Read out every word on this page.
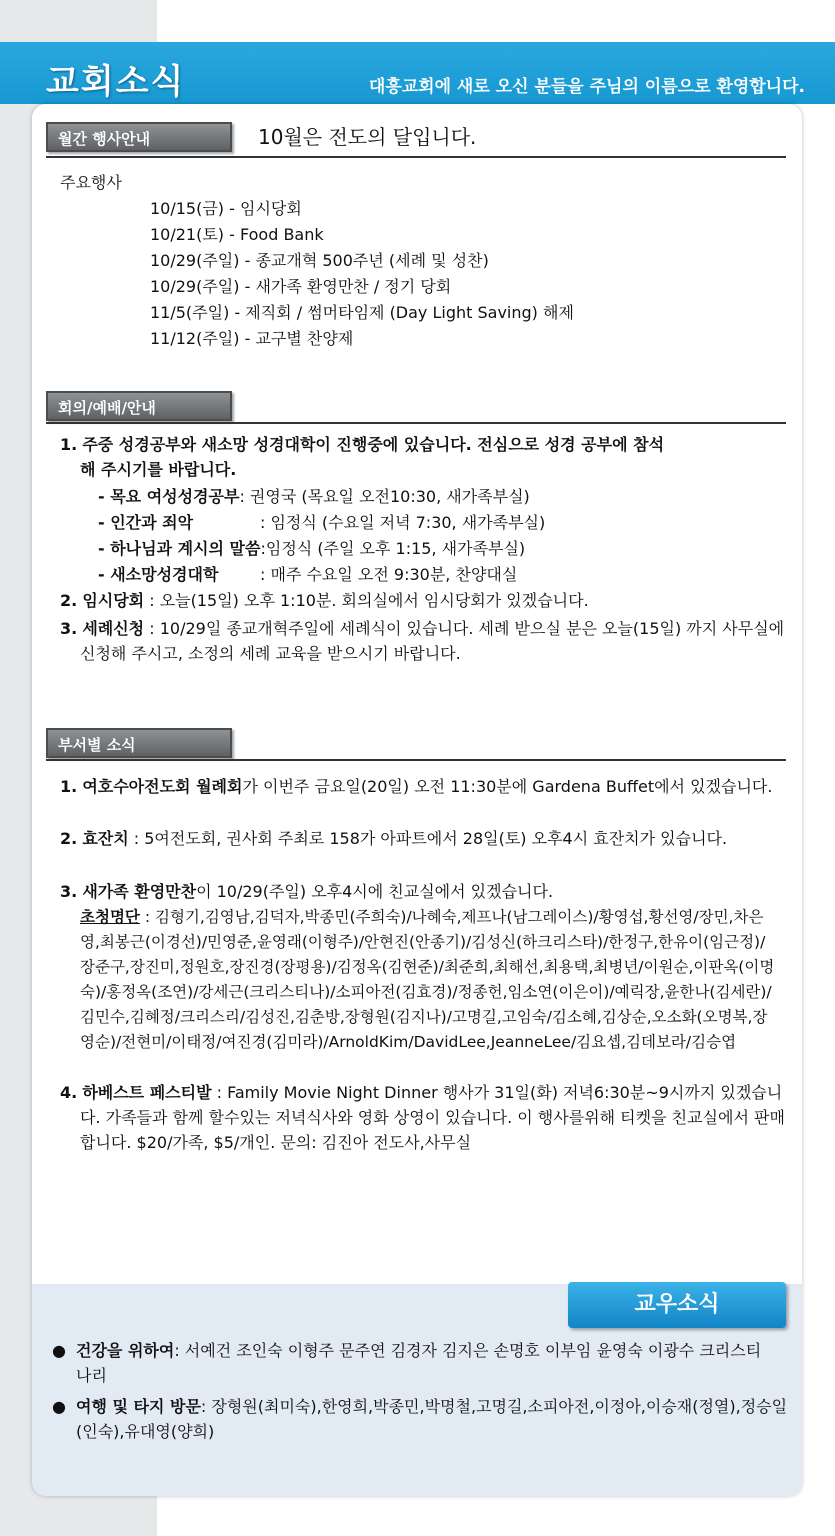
교회소식	대흥교회에 새로 오신 분들을 주님의 이름으로 환영합니다.
월간 행사안내	10월은 전도의 달입니다.
주요행사
10/15(금) - 임시당회
10/21(토) - Food Bank
10/29(주일) - 종교개혁 500주년 (세례 및 성찬)
10/29(주일) - 새가족 환영만찬 / 정기 당회
11/5(주일) - 제직회 / 썸머타임제 (Day Light Saving) 해제
11/12(주일) - 교구별 찬양제
회의/예배/안내
1. 주중 성경공부와 새소망 성경대학이 진행중에 있습니다. 전심으로 성경 공부에 참석
해 주시기를 바랍니다.
- 목요 여성성경공부: 권영국 (목요일 오전10:30, 새가족부실)
- 인간과 죄악	: 임정식 (수요일 저녁 7:30, 새가족부실)
- 하나님과 계시의 말씀:임정식 (주일 오후 1:15, 새가족부실)
- 새소망성경대학	: 매주 수요일 오전 9:30분, 찬양대실
2. 임시당회 : 오늘(15일) 오후 1:10분. 회의실에서 임시당회가 있겠습니다.
3. 세례신청 : 10/29일 종교개혁주일에 세례식이 있습니다. 세례 받으실 분은 오늘(15일) 까지 사무실에 신청해 주시고, 소정의 세례 교육을 받으시기 바랍니다.
부서별 소식
1. 여호수아전도회 월례회가 이번주 금요일(20일) 오전 11:30분에 Gardena Buffet에서 있겠습니다.
2. 효잔치 : 5여전도회, 권사회 주최로 158가 아파트에서 28일(토) 오후4시 효잔치가 있습니다.
3. 새가족 환영만찬이 10/29(주일) 오후4시에 친교실에서 있겠습니다.
초청명단 : 김형기,김영남,김덕자,박종민(주희숙)/나혜숙,제프나(남그레이스)/황영섭,황선영/장민,차은영,최봉근(이경선)/민영준,윤영래(이형주)/안현진(안종기)/김성신(하크리스타)/한정구,한유이(임근정)/장준구,장진미,정원호,장진경(장평용)/김정옥(김현준)/최준희,최해선,최용택,최병년/이원순,이판옥(이명숙)/홍정옥(조연)/강세근(크리스티나)/소피아전(김효경)/정종헌,임소연(이은이)/예릭장,윤한나(김세란)/김민수,김혜정/크리스리/김성진,김춘방,장형원(김지나)/고명길,고임숙/김소혜,김상순,오소화(오명복,장영순)/전현미/이태정/여진경(김미라)/ArnoldKim/DavidLee,JeanneLee/김요셉,김데보라/김승엽
4. 하베스트 페스티발 : Family Movie Night Dinner 행사가 31일(화) 저녁6:30분~9시까지 있겠습니다. 가족들과 함께 할수있는 저녁식사와 영화 상영이 있습니다. 이 행사를위해 티켓을 친교실에서 판매합니다. $20/가족, $5/개인. 문의: 김진아 전도사,사무실
교우소식
● 건강을 위하여: 서예건 조인숙 이형주 문주연 김경자 김지은 손명호 이부임 윤영숙 이광수 크리스티나리
● 여행 및 타지 방문: 장형원(최미숙),한영희,박종민,박명철,고명길,소피아전,이정아,이승재(정열),정승일(인숙),유대영(양희)
